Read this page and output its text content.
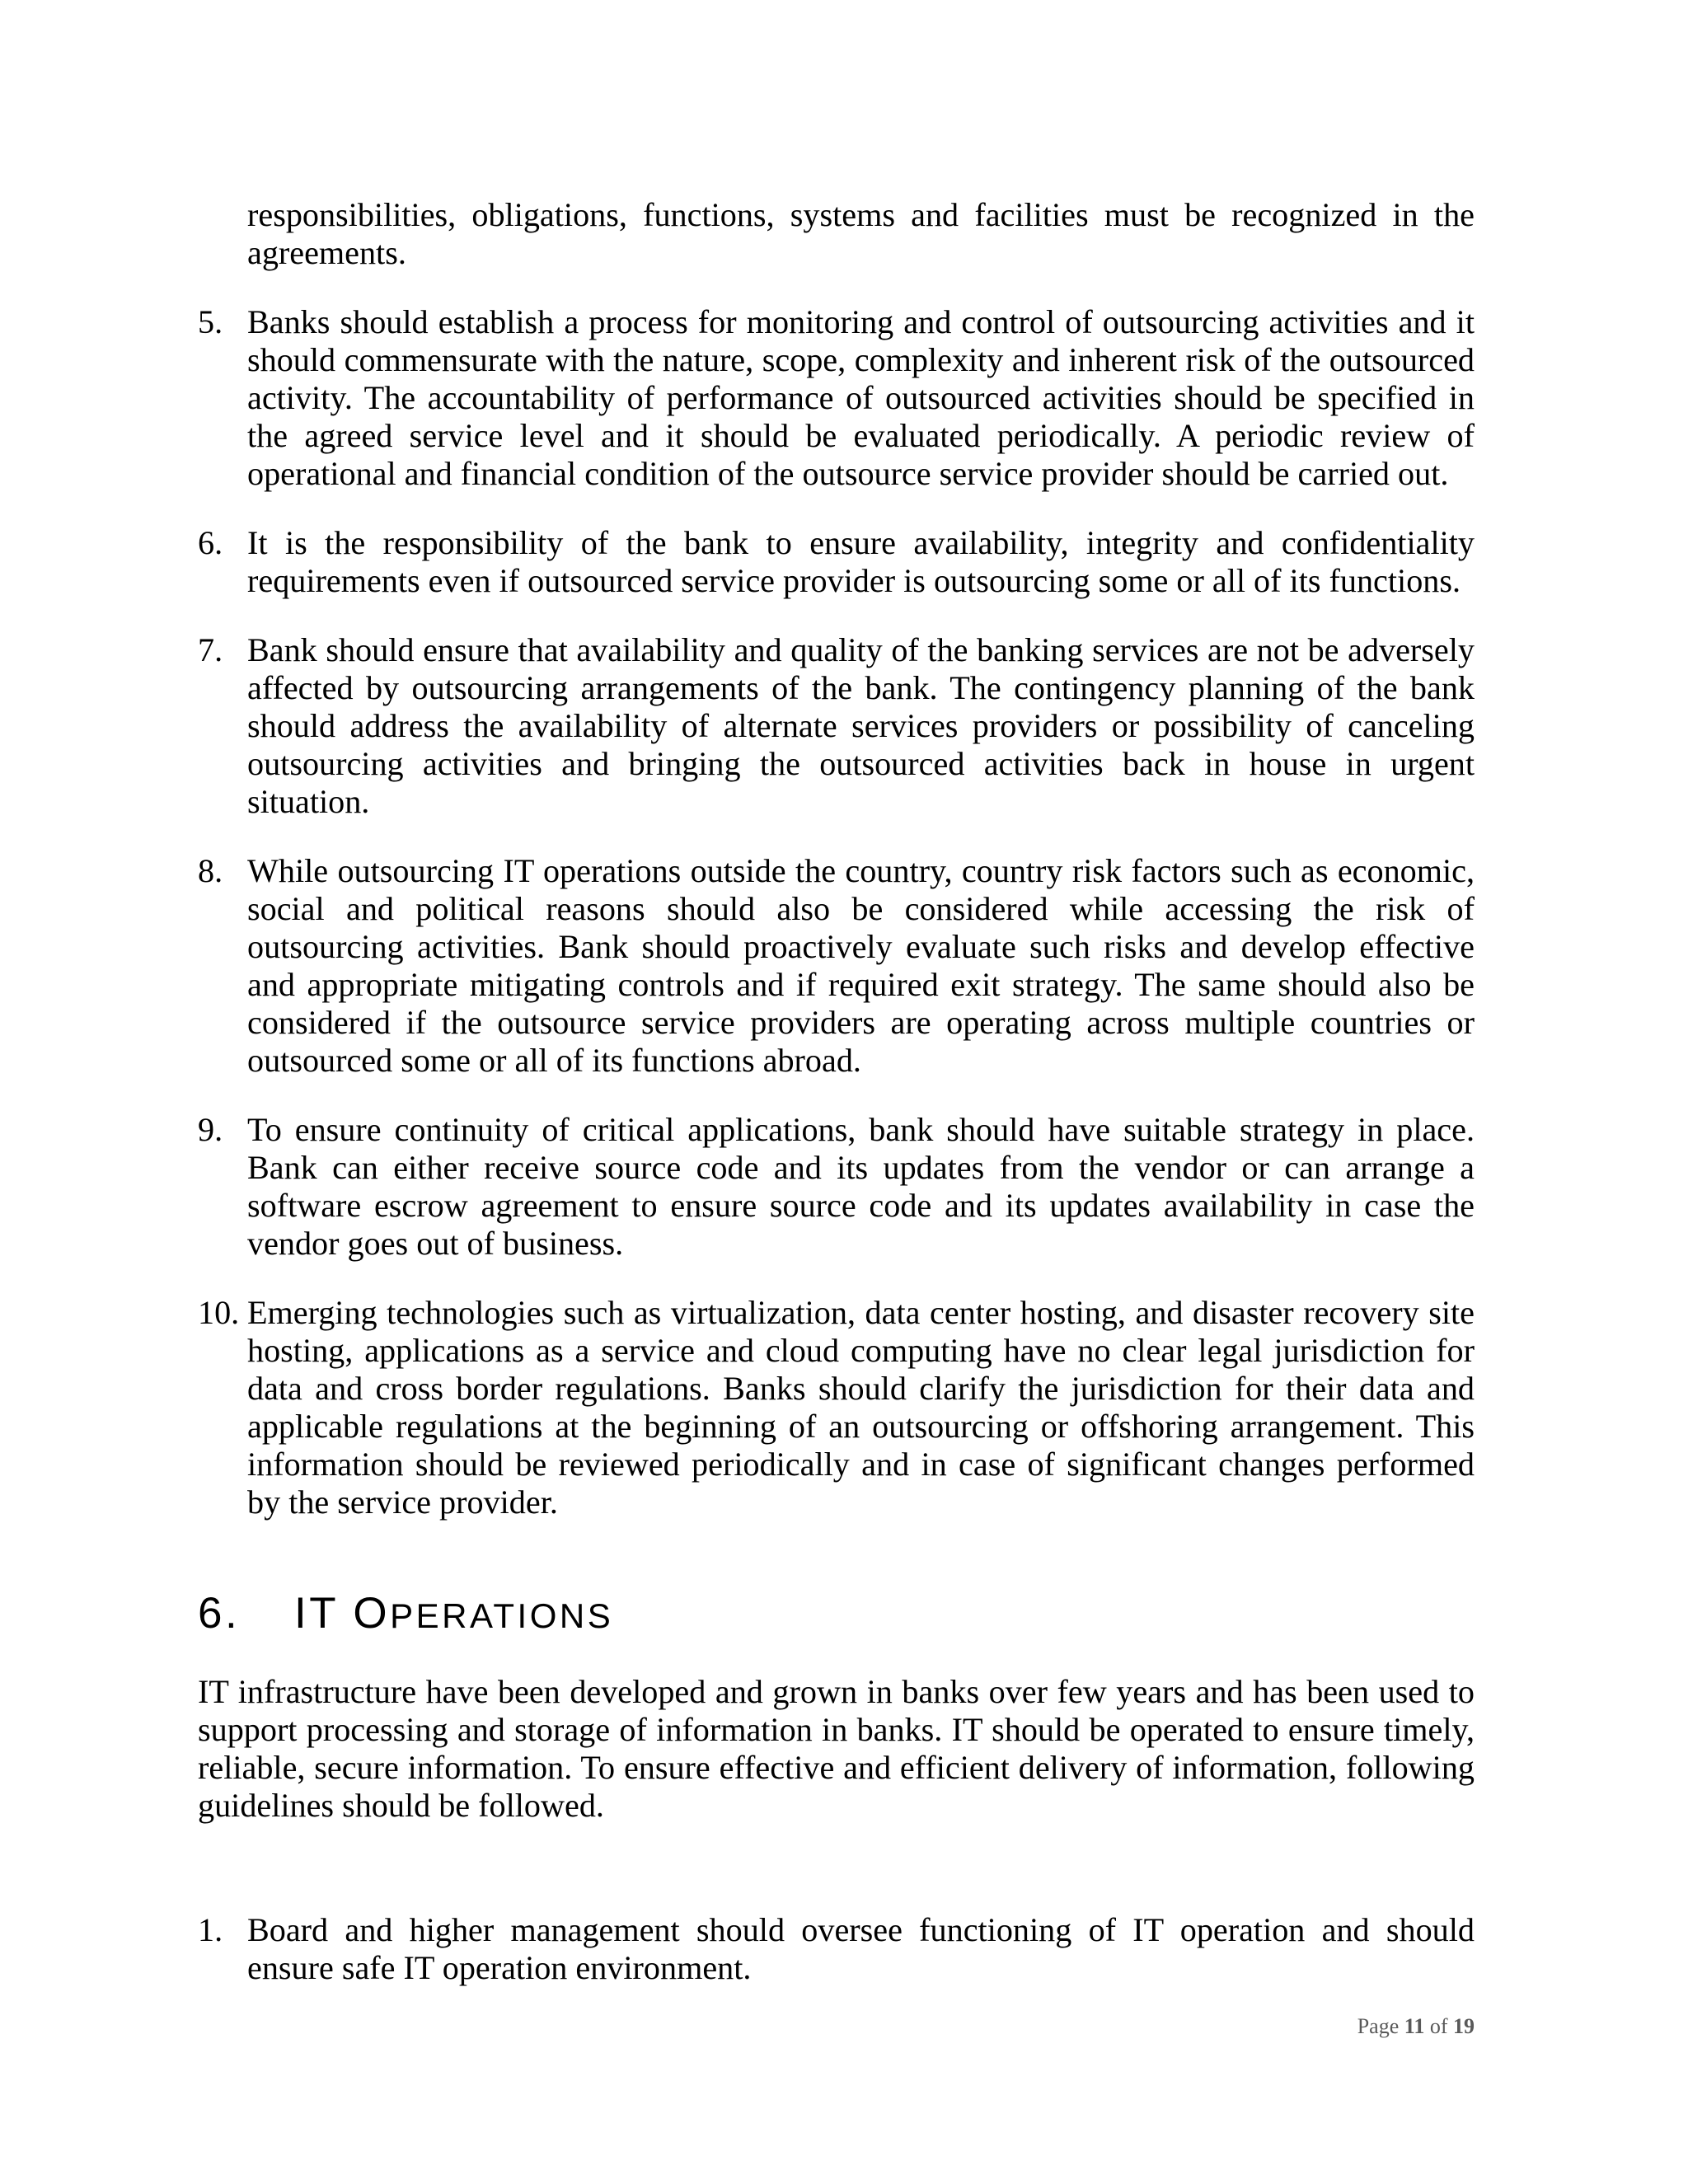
responsibilities, obligations, functions, systems and facilities must be recognized in the agreements.

5. Banks should establish a process for monitoring and control of outsourcing activities and it should commensurate with the nature, scope, complexity and inherent risk of the outsourced activity. The accountability of performance of outsourced activities should be specified in the agreed service level and it should be evaluated periodically. A periodic review of operational and financial condition of the outsource service provider should be carried out.

6. It is the responsibility of the bank to ensure availability, integrity and confidentiality requirements even if outsourced service provider is outsourcing some or all of its functions.

7. Bank should ensure that availability and quality of the banking services are not be adversely affected by outsourcing arrangements of the bank. The contingency planning of the bank should address the availability of alternate services providers or possibility of canceling outsourcing activities and bringing the outsourced activities back in house in urgent situation.

8. While outsourcing IT operations outside the country, country risk factors such as economic, social and political reasons should also be considered while accessing the risk of outsourcing activities. Bank should proactively evaluate such risks and develop effective and appropriate mitigating controls and if required exit strategy. The same should also be considered if the outsource service providers are operating across multiple countries or outsourced some or all of its functions abroad.

9. To ensure continuity of critical applications, bank should have suitable strategy in place. Bank can either receive source code and its updates from the vendor or can arrange a software escrow agreement to ensure source code and its updates availability in case the vendor goes out of business.

10. Emerging technologies such as virtualization, data center hosting, and disaster recovery site hosting, applications as a service and cloud computing have no clear legal jurisdiction for data and cross border regulations. Banks should clarify the jurisdiction for their data and applicable regulations at the beginning of an outsourcing or offshoring arrangement. This information should be reviewed periodically and in case of significant changes performed by the service provider.

6. IT OPERATIONS

IT infrastructure have been developed and grown in banks over few years and has been used to support processing and storage of information in banks. IT should be operated to ensure timely, reliable, secure information. To ensure effective and efficient delivery of information, following guidelines should be followed.

1. Board and higher management should oversee functioning of IT operation and should ensure safe IT operation environment.

Page 11 of 19
